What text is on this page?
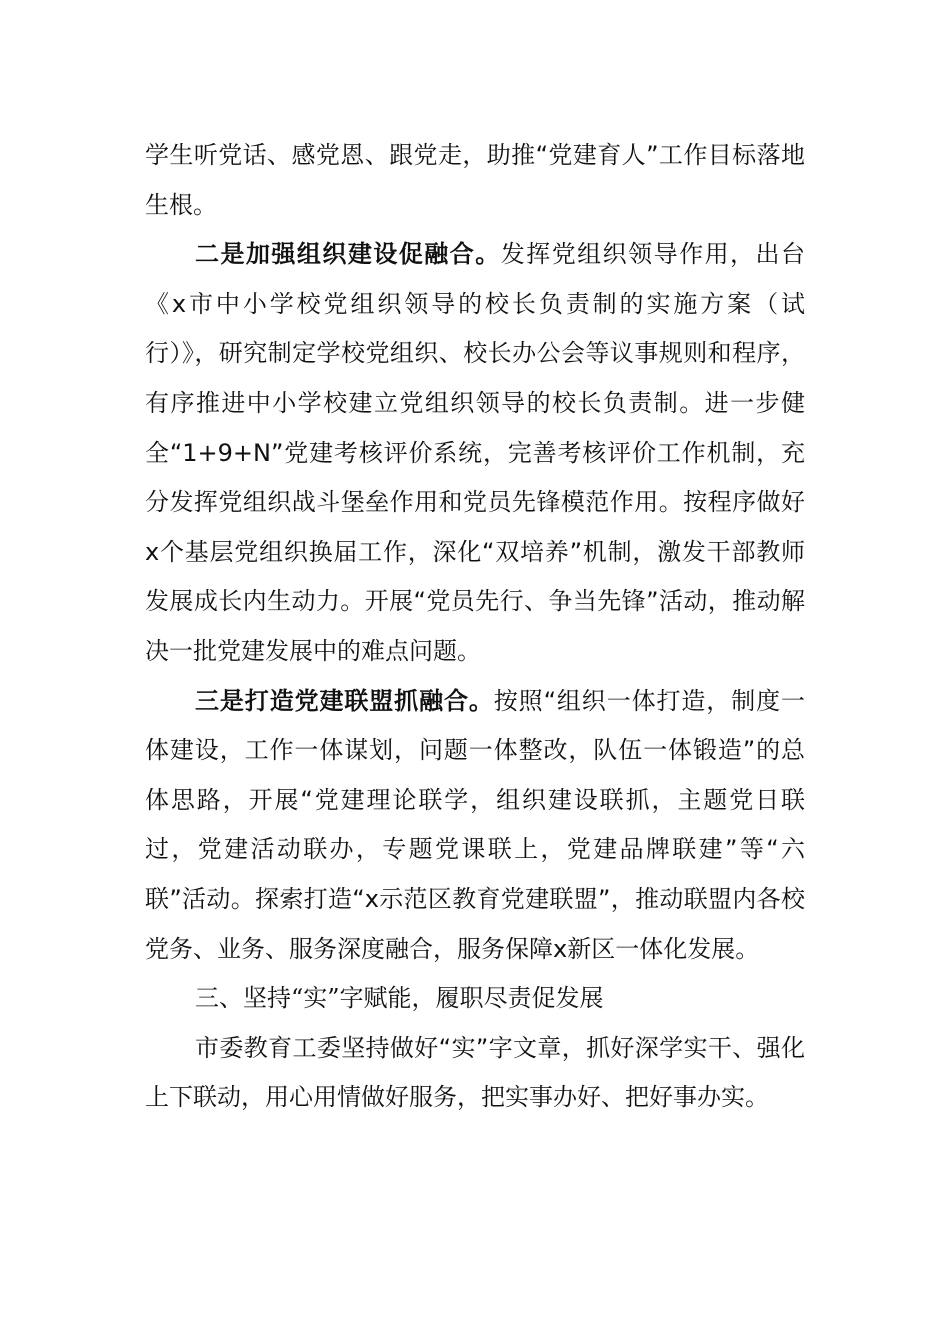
学生听党话、感党恩、跟党走，助推“党建育人”工作目标落地生根。

二是加强组织建设促融合。发挥党组织领导作用，出台《x市中小学校党组织领导的校长负责制的实施方案（试行）》，研究制定学校党组织、校长办公会等议事规则和程序，有序推进中小学校建立党组织领导的校长负责制。进一步健全“1+9+N”党建考核评价系统，完善考核评价工作机制，充分发挥党组织战斗堡垒作用和党员先锋模范作用。按程序做好x个基层党组织换届工作，深化“双培养”机制，激发干部教师发展成长内生动力。开展“党员先行、争当先锋”活动，推动解决一批党建发展中的难点问题。

三是打造党建联盟抓融合。按照“组织一体打造，制度一体建设，工作一体谋划，问题一体整改，队伍一体锻造”的总体思路，开展“党建理论联学，组织建设联抓，主题党日联过，党建活动联办，专题党课联上，党建品牌联建”等“六联”活动。探索打造“x示范区教育党建联盟”，推动联盟内各校党务、业务、服务深度融合，服务保障x新区一体化发展。

三、坚持“实”字赋能，履职尽责促发展

市委教育工委坚持做好“实”字文章，抓好深学实干、强化上下联动，用心用情做好服务，把实事办好、把好事办实。
